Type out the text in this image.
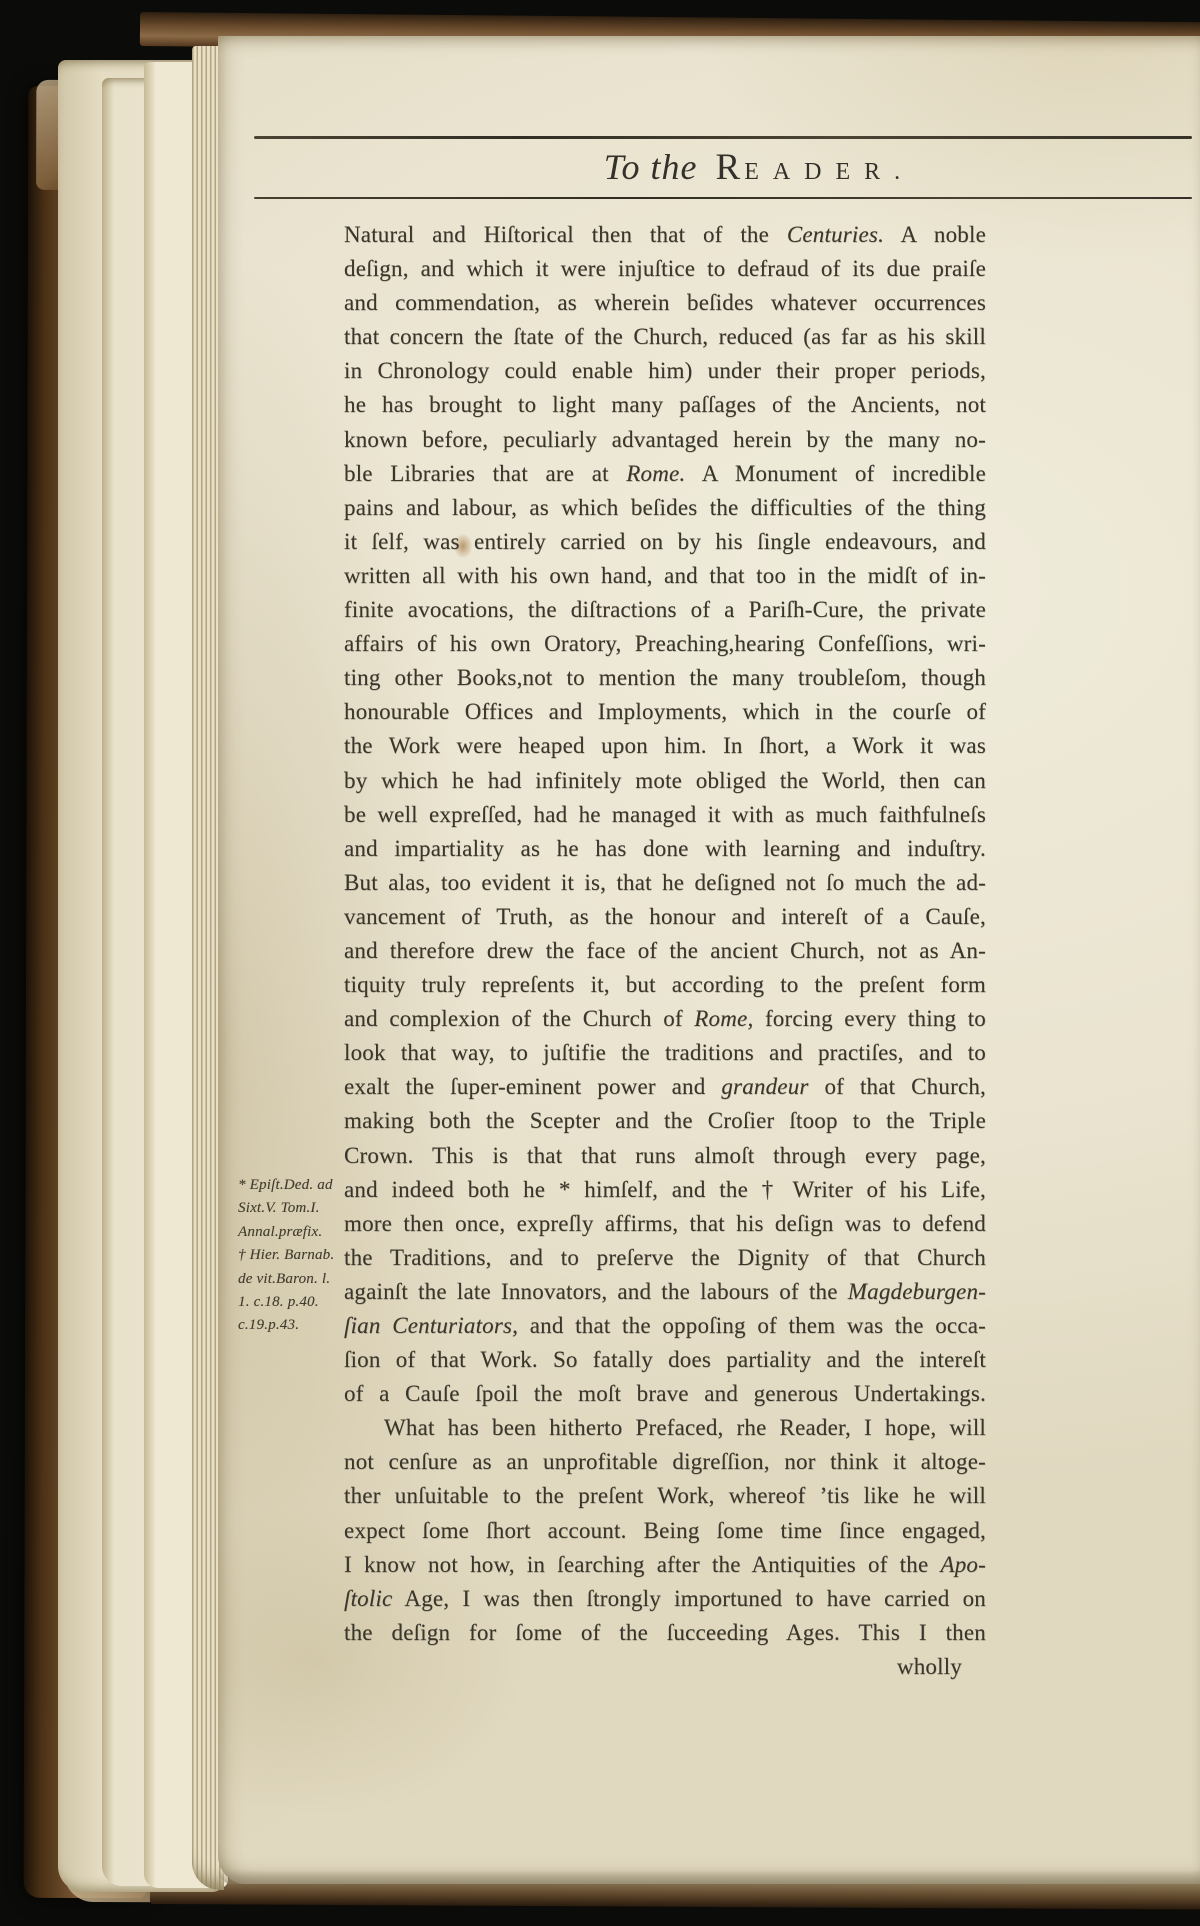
To the R EADER.
Natural and Hiſtorical then that of the Centuries. A noble
deſign, and which it were injuſtice to defraud of its due praiſe
and commendation, as wherein beſides whatever occurrences
that concern the ſtate of the Church, reduced (as far as his skill
in Chronology could enable him) under their proper periods,
he has brought to light many paſſages of the Ancients, not
known before, peculiarly advantaged herein by the many no-
ble Libraries that are at Rome. A Monument of incredible
pains and labour, as which beſides the difficulties of the thing
it ſelf, was entirely carried on by his ſingle endeavours, and
written all with his own hand, and that too in the midſt of in-
finite avocations, the diſtractions of a Pariſh-Cure, the private
affairs of his own Oratory, Preaching,hearing Confeſſions, wri-
ting other Books,not to mention the many troubleſom, though
honourable Offices and Imployments, which in the courſe of
the Work were heaped upon him. In ſhort, a Work it was
by which he had infinitely mote obliged the World, then can
be well expreſſed, had he managed it with as much faithfulneſs
and impartiality as he has done with learning and induſtry.
But alas, too evident it is, that he deſigned not ſo much the ad-
vancement of Truth, as the honour and intereſt of a Cauſe,
and therefore drew the face of the ancient Church, not as An-
tiquity truly repreſents it, but according to the preſent form
and complexion of the Church of Rome, forcing every thing to
look that way, to juſtifie the traditions and practiſes, and to
exalt the ſuper-eminent power and grandeur of that Church,
making both the Scepter and the Croſier ſtoop to the Triple
Crown. This is that that runs almoſt through every page,
and indeed both he * himſelf, and the † Writer of his Life,
more then once, expreſly affirms, that his deſign was to defend
the Traditions, and to preſerve the Dignity of that Church
againſt the late Innovators, and the labours of the Magdeburgen-
ſian Centuriators, and that the oppoſing of them was the occa-
ſion of that Work. So fatally does partiality and the intereſt
of a Cauſe ſpoil the moſt brave and generous Undertakings.
What has been hitherto Prefaced, rhe Reader, I hope, will
not cenſure as an unprofitable digreſſion, nor think it altoge-
ther unſuitable to the preſent Work, whereof ’tis like he will
expect ſome ſhort account. Being ſome time ſince engaged,
I know not how, in ſearching after the Antiquities of the Apo-
ſtolic Age, I was then ſtrongly importuned to have carried on
the deſign for ſome of the ſucceeding Ages. This I then
wholly
* Epiſt.Ded. ad
Sixt.V. Tom.I.
Annal.præfix.
† Hier. Barnab.
de vit.Baron. l.
1. c.18. p.40.
c.19.p.43.
